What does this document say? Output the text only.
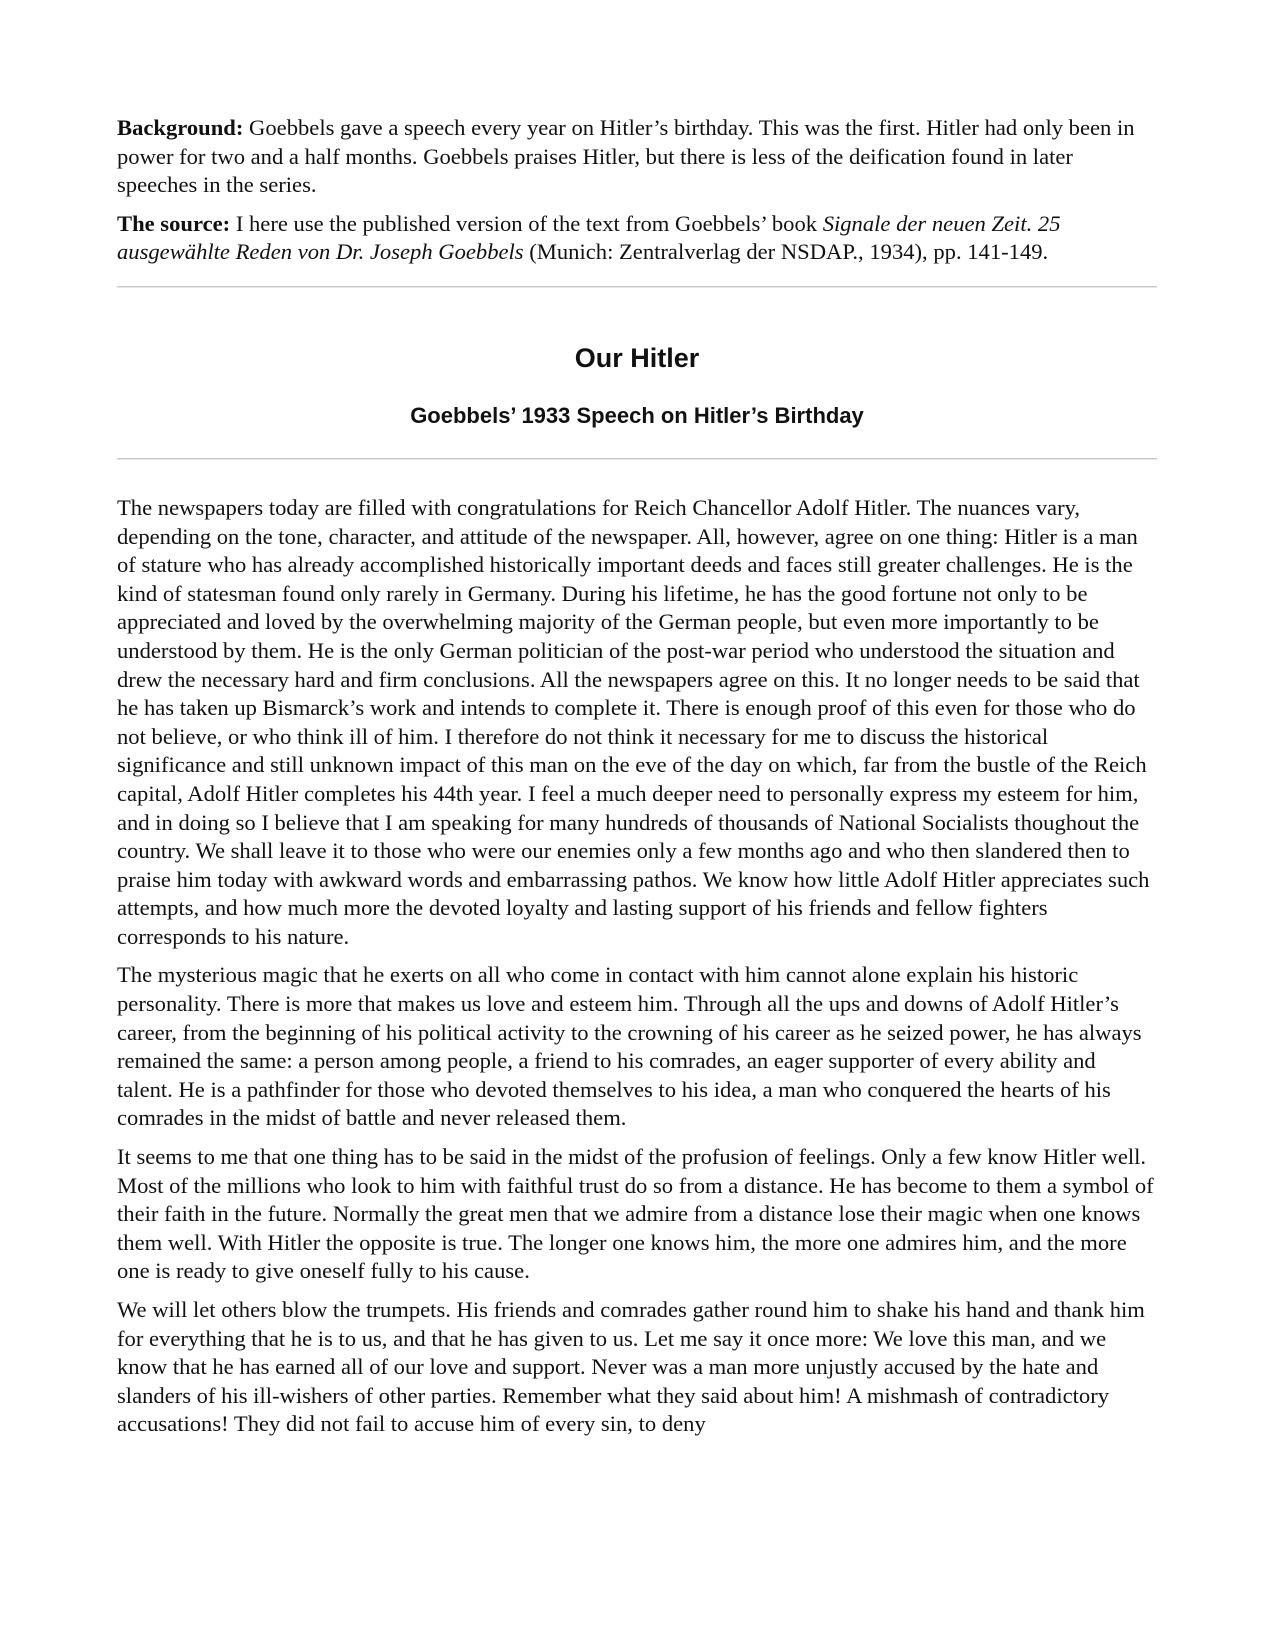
Background: Goebbels gave a speech every year on Hitler’s birthday. This was the first. Hitler had only been in power for two and a half months. Goebbels praises Hitler, but there is less of the deification found in later speeches in the series.

The source: I here use the published version of the text from Goebbels’ book Signale der neuen Zeit. 25 ausgewählte Reden von Dr. Joseph Goebbels (Munich: Zentralverlag der NSDAP., 1934), pp. 141-149.

Our Hitler
Goebbels’ 1933 Speech on Hitler’s Birthday

The newspapers today are filled with congratulations for Reich Chancellor Adolf Hitler. The nuances vary, depending on the tone, character, and attitude of the newspaper. All, however, agree on one thing: Hitler is a man of stature who has already accomplished historically important deeds and faces still greater challenges. He is the kind of statesman found only rarely in Germany. During his lifetime, he has the good fortune not only to be appreciated and loved by the overwhelming majority of the German people, but even more importantly to be understood by them. He is the only German politician of the post-war period who understood the situation and drew the necessary hard and firm conclusions. All the newspapers agree on this. It no longer needs to be said that he has taken up Bismarck’s work and intends to complete it. There is enough proof of this even for those who do not believe, or who think ill of him. I therefore do not think it necessary for me to discuss the historical significance and still unknown impact of this man on the eve of the day on which, far from the bustle of the Reich capital, Adolf Hitler completes his 44th year. I feel a much deeper need to personally express my esteem for him, and in doing so I believe that I am speaking for many hundreds of thousands of National Socialists thoughout the country. We shall leave it to those who were our enemies only a few months ago and who then slandered then to praise him today with awkward words and embarrassing pathos. We know how little Adolf Hitler appreciates such attempts, and how much more the devoted loyalty and lasting support of his friends and fellow fighters corresponds to his nature.

The mysterious magic that he exerts on all who come in contact with him cannot alone explain his historic personality. There is more that makes us love and esteem him. Through all the ups and downs of Adolf Hitler’s career, from the beginning of his political activity to the crowning of his career as he seized power, he has always remained the same: a person among people, a friend to his comrades, an eager supporter of every ability and talent. He is a pathfinder for those who devoted themselves to his idea, a man who conquered the hearts of his comrades in the midst of battle and never released them.

It seems to me that one thing has to be said in the midst of the profusion of feelings. Only a few know Hitler well. Most of the millions who look to him with faithful trust do so from a distance. He has become to them a symbol of their faith in the future. Normally the great men that we admire from a distance lose their magic when one knows them well. With Hitler the opposite is true. The longer one knows him, the more one admires him, and the more one is ready to give oneself fully to his cause.

We will let others blow the trumpets. His friends and comrades gather round him to shake his hand and thank him for everything that he is to us, and that he has given to us. Let me say it once more: We love this man, and we know that he has earned all of our love and support. Never was a man more unjustly accused by the hate and slanders of his ill-wishers of other parties. Remember what they said about him! A mishmash of contradictory accusations! They did not fail to accuse him of every sin, to deny
